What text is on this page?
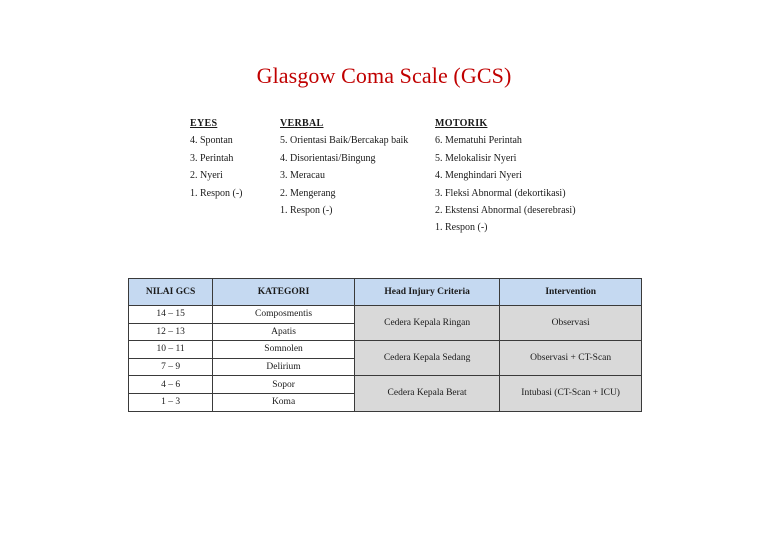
Glasgow Coma Scale (GCS)
EYES
4. Spontan
3. Perintah
2. Nyeri
1. Respon (-)
VERBAL
5. Orientasi Baik/Bercakap baik
4. Disorientasi/Bingung
3. Meracau
2. Mengerang
1. Respon (-)
MOTORIK
6. Mematuhi Perintah
5. Melokalisir Nyeri
4. Menghindari Nyeri
3. Fleksi Abnormal (dekortikasi)
2. Ekstensi Abnormal (deserebrasi)
1. Respon (-)
NILAI GCS	KATEGORI	Head Injury Criteria	Intervention
14 – 15	Composmentis	Cedera Kepala Ringan	Observasi
12 – 13	Apatis		
10 – 11	Somnolen	Cedera Kepala Sedang	Observasi + CT-Scan
7 – 9	Delirium		
4 – 6	Sopor	Cedera Kepala Berat	Intubasi (CT-Scan + ICU)
1 – 3	Koma		
